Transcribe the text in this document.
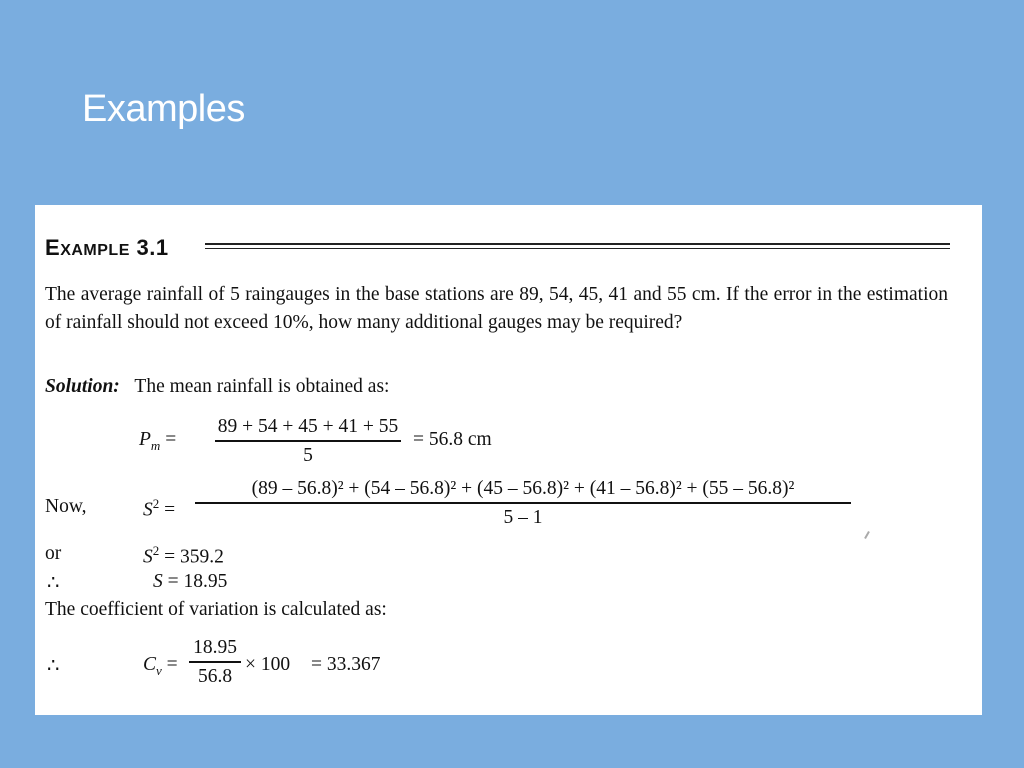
Examples
EXAMPLE 3.1
The average rainfall of 5 raingauges in the base stations are 89, 54, 45, 41 and 55 cm. If the error in the estimation of rainfall should not exceed 10%, how many additional gauges may be required?
Solution: The mean rainfall is obtained as:
$P_m$ =
89 + 54 + 45 + 41 + 55
5
= 56.8 cm
Now,	$S^2$ =
(89 – 56.8)² + (54 – 56.8)² + (45 – 56.8)² + (41 – 56.8)² + (55 – 56.8)²
5 – 1
or	$S^2 = 359.2$
∴	S = 18.95
The coefficient of variation is calculated as:
∴	$C_v$ =
18.95
56.8
× 100 = 33.367
